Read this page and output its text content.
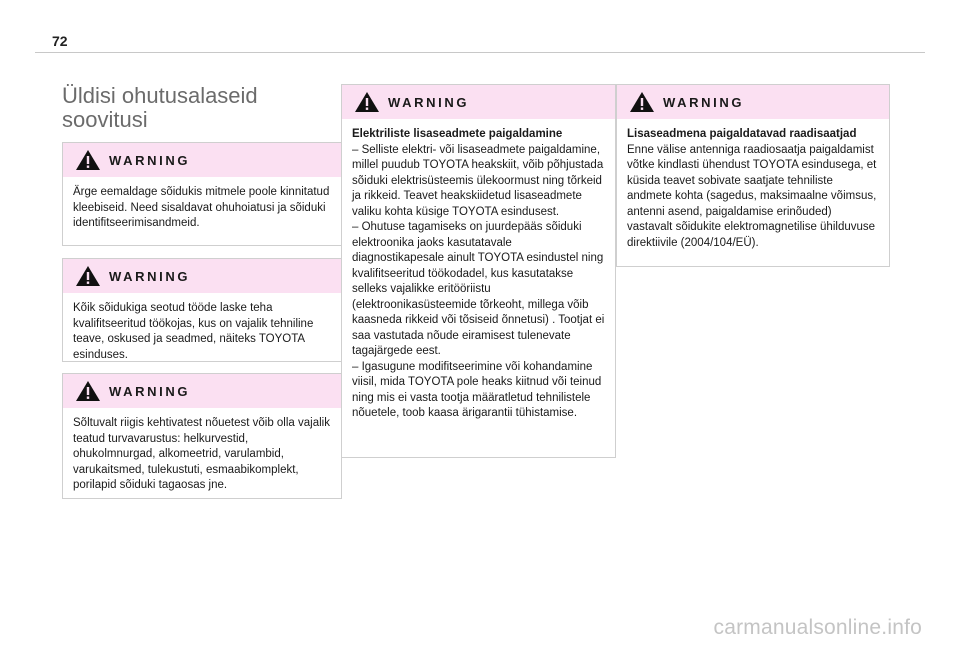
72
Üldisi ohutusalaseid soovitusi
WARNING
Ärge eemaldage sõidukis mitmele poole kinnitatud kleebiseid. Need sisaldavat ohuhoiatusi ja sõiduki identifitseerimisandmeid.
WARNING
Kõik sõidukiga seotud tööde laske teha kvalifitseeritud töökojas, kus on vajalik tehniline teave, oskused ja seadmed, näiteks TOYOTA esinduses.
WARNING
Sõltuvalt riigis kehtivatest nõuetest võib olla vajalik teatud turvavarustus: helkurvestid, ohukolmnurgad, alkomeetrid, varulambid, varukaitsmed, tulekustuti, esmaabikomplekt, porilapid sõiduki tagaosas jne.
WARNING
Elektriliste lisaseadmete paigaldamine
– Selliste elektri- või lisaseadmete paigaldamine, millel puudub TOYOTA heakskiit, võib põhjustada sõiduki elektrisüsteemis ülekoormust ning tõrkeid ja rikkeid. Teavet heakskiidetud lisaseadmete valiku kohta küsige TOYOTA esindusest.
– Ohutuse tagamiseks on juurdepääs sõiduki elektroonika jaoks kasutatavale diagnostikapesale ainult TOYOTA esindustel ning kvalifitseeritud töökodadel, kus kasutatakse selleks vajalikke eritööriistu (elektroonikasüsteemide tõrkeoht, millega võib kaasneda rikkeid või tõsiseid õnnetusi) . Tootjat ei saa vastutada nõude eiramisest tulenevate tagajärgede eest.
– Igasugune modifitseerimine või kohandamine viisil, mida TOYOTA pole heaks kiitnud või teinud ning mis ei vasta tootja määratletud tehnilistele nõuetele, toob kaasa ärigarantii tühistamise.
WARNING
Lisaseadmena paigaldatavad raadisaatjad
Enne välise antenniga raadiosaatja paigaldamist võtke kindlasti ühendust TOYOTA esindusega, et küsida teavet sobivate saatjate tehniliste andmete kohta (sagedus, maksimaalne võimsus, antenni asend, paigaldamise erinõuded) vastavalt sõidukite elektromagnetilise ühilduvuse direktiivile (2004/104/EÜ).
carmanualsonline.info
